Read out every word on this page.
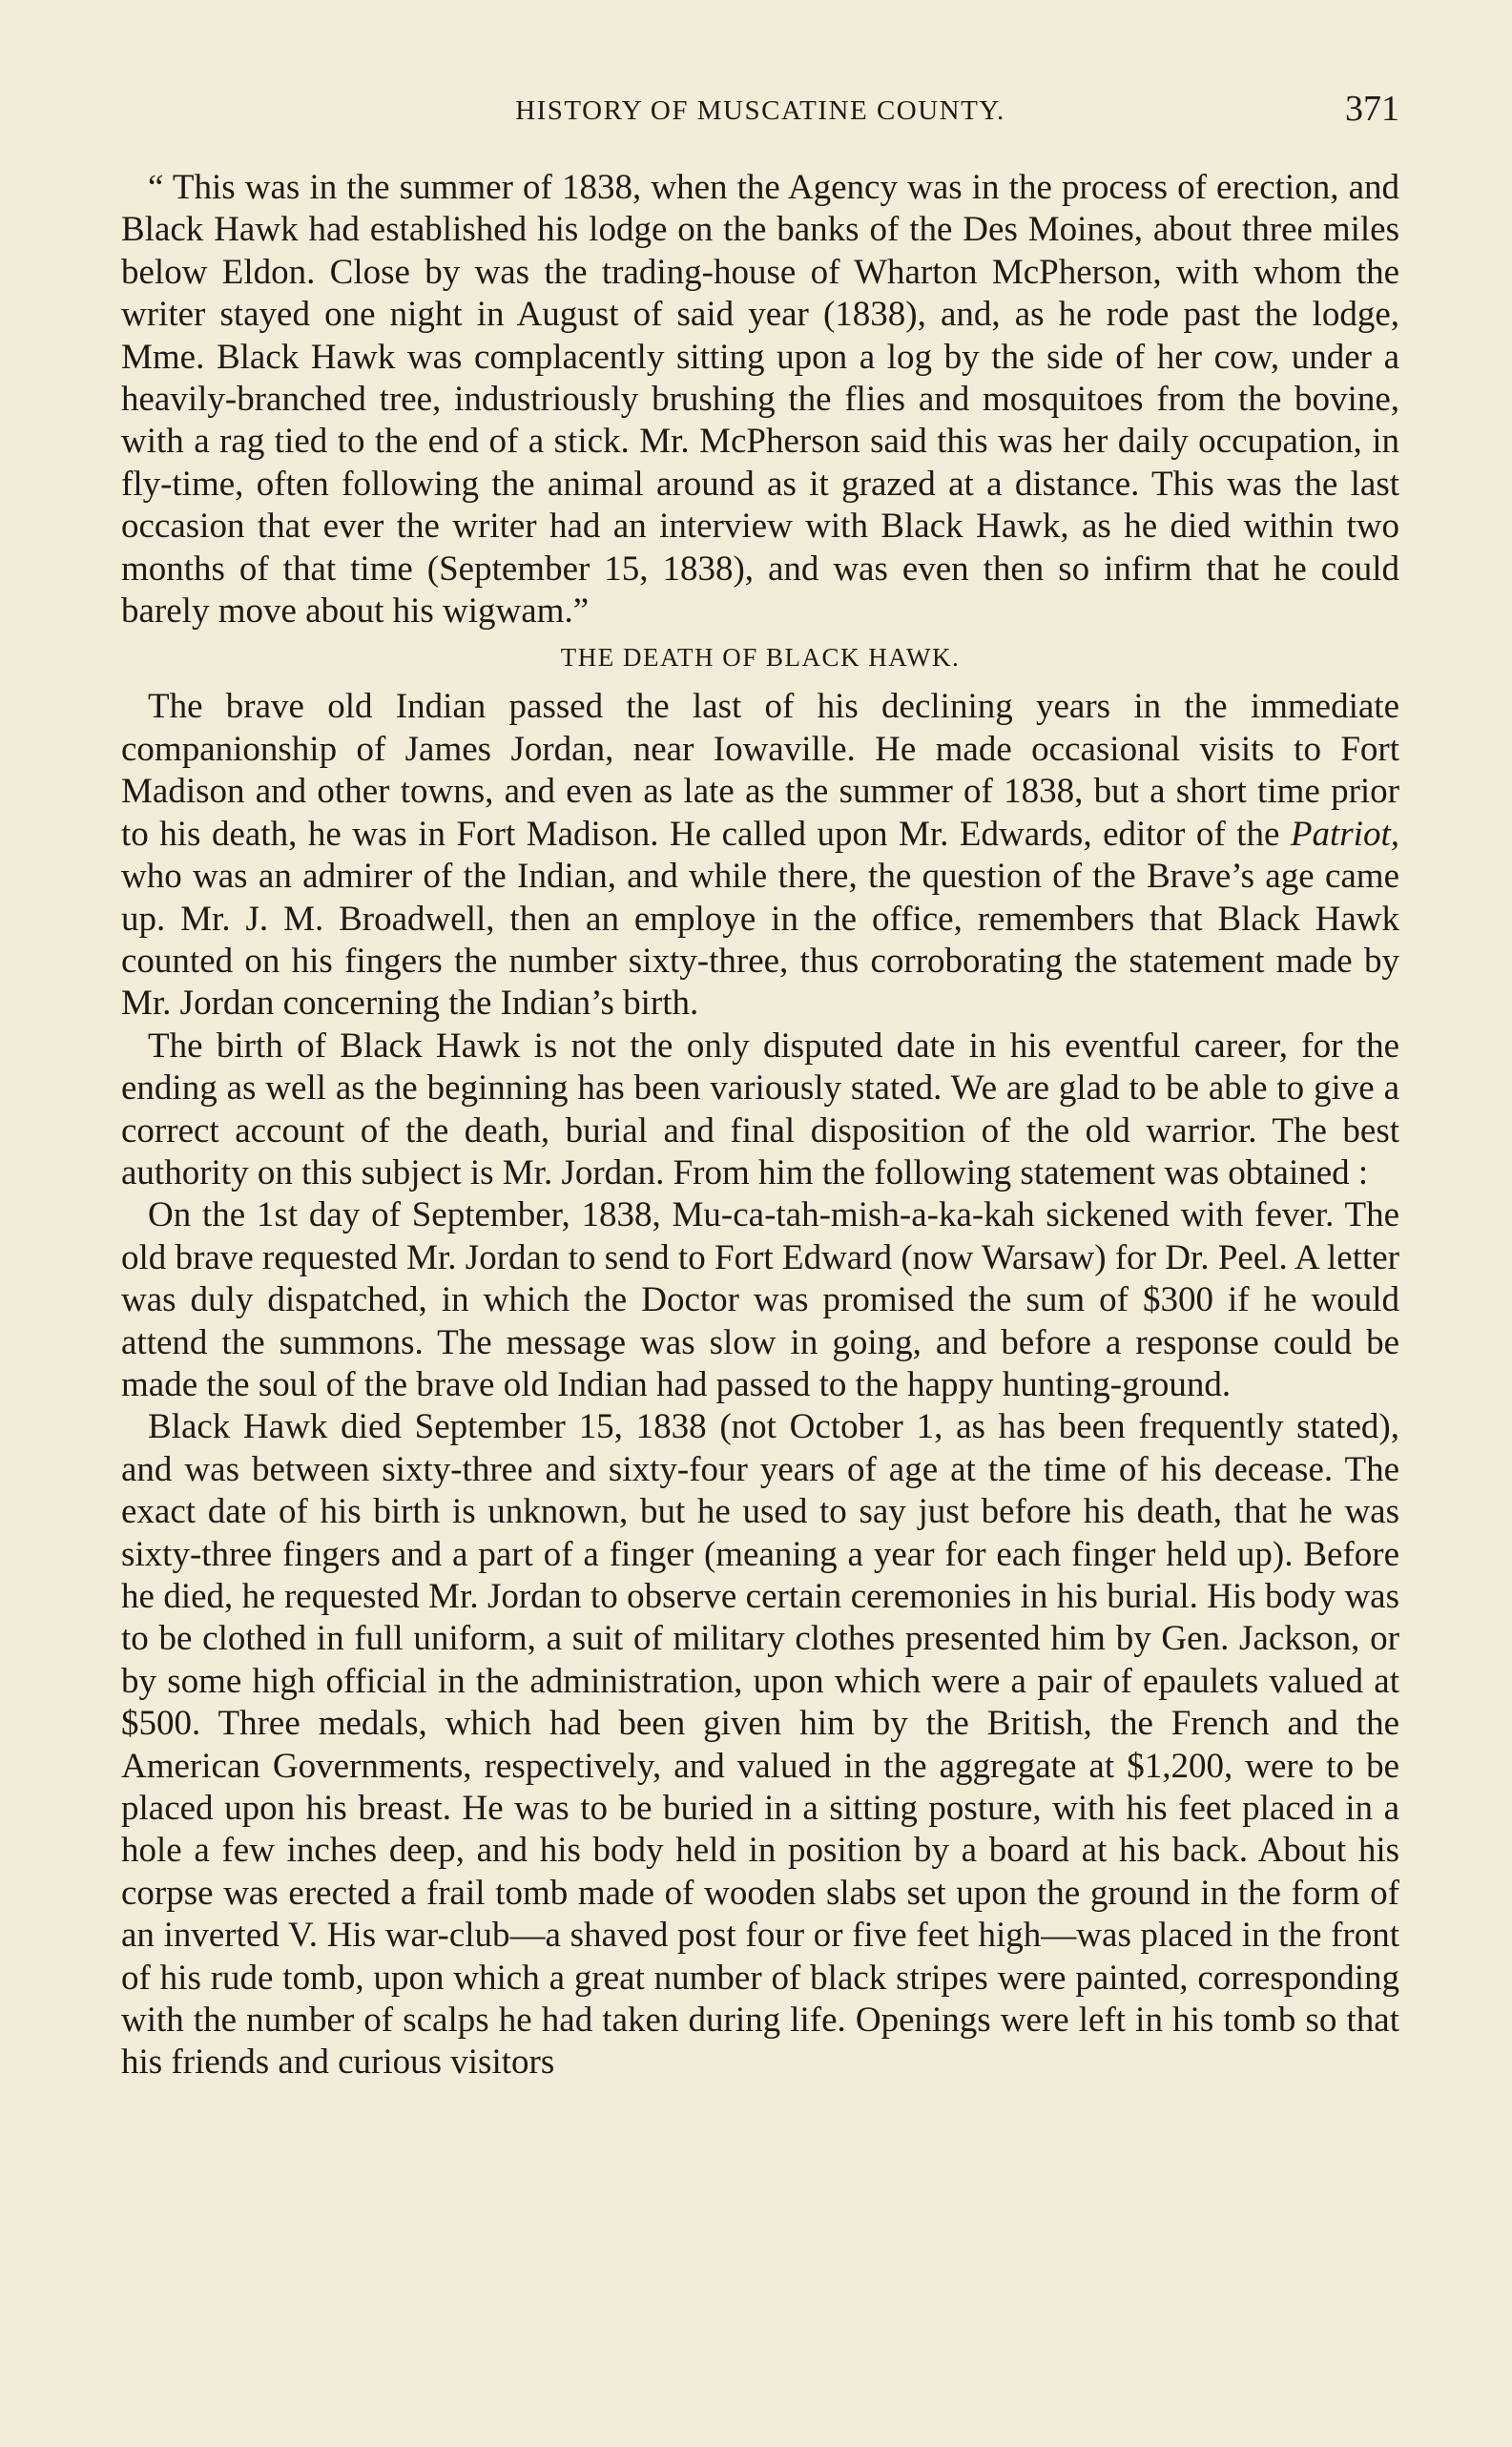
HISTORY OF MUSCATINE COUNTY.	371

“ This was in the summer of 1838, when the Agency was in the process of erection, and Black Hawk had established his lodge on the banks of the Des Moines, about three miles below Eldon. Close by was the trading-house of Wharton McPherson, with whom the writer stayed one night in August of said year (1838), and, as he rode past the lodge, Mme. Black Hawk was complacently sitting upon a log by the side of her cow, under a heavily-branched tree, industriously brushing the flies and mosquitoes from the bovine, with a rag tied to the end of a stick. Mr. McPherson said this was her daily occupation, in fly-time, often following the animal around as it grazed at a distance. This was the last occasion that ever the writer had an interview with Black Hawk, as he died within two months of that time (September 15, 1838), and was even then so infirm that he could barely move about his wigwam.”

THE DEATH OF BLACK HAWK.

The brave old Indian passed the last of his declining years in the immediate companionship of James Jordan, near Iowaville. He made occasional visits to Fort Madison and other towns, and even as late as the summer of 1838, but a short time prior to his death, he was in Fort Madison. He called upon Mr. Edwards, editor of the Patriot, who was an admirer of the Indian, and while there, the question of the Brave’s age came up. Mr. J. M. Broadwell, then an employe in the office, remembers that Black Hawk counted on his fingers the number sixty-three, thus corroborating the statement made by Mr. Jordan concerning the Indian’s birth.

The birth of Black Hawk is not the only disputed date in his eventful career, for the ending as well as the beginning has been variously stated. We are glad to be able to give a correct account of the death, burial and final disposition of the old warrior. The best authority on this subject is Mr. Jordan. From him the following statement was obtained :

On the 1st day of September, 1838, Mu-ca-tah-mish-a-ka-kah sickened with fever. The old brave requested Mr. Jordan to send to Fort Edward (now Warsaw) for Dr. Peel. A letter was duly dispatched, in which the Doctor was promised the sum of $300 if he would attend the summons. The message was slow in going, and before a response could be made the soul of the brave old Indian had passed to the happy hunting-ground.

Black Hawk died September 15, 1838 (not October 1, as has been frequently stated), and was between sixty-three and sixty-four years of age at the time of his decease. The exact date of his birth is unknown, but he used to say just before his death, that he was sixty-three fingers and a part of a finger (meaning a year for each finger held up). Before he died, he requested Mr. Jordan to observe certain ceremonies in his burial. His body was to be clothed in full uniform, a suit of military clothes presented him by Gen. Jackson, or by some high official in the administration, upon which were a pair of epaulets valued at $500. Three medals, which had been given him by the British, the French and the American Governments, respectively, and valued in the aggregate at $1,200, were to be placed upon his breast. He was to be buried in a sitting posture, with his feet placed in a hole a few inches deep, and his body held in position by a board at his back. About his corpse was erected a frail tomb made of wooden slabs set upon the ground in the form of an inverted V. His war-club—a shaved post four or five feet high—was placed in the front of his rude tomb, upon which a great number of black stripes were painted, corresponding with the number of scalps he had taken during life. Openings were left in his tomb so that his friends and curious visitors
